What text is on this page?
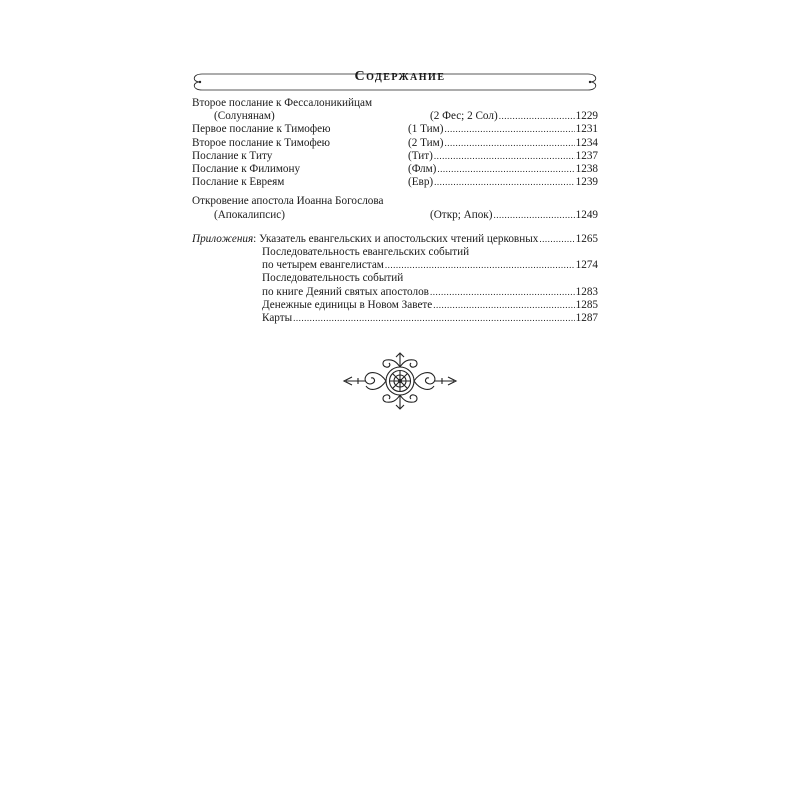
Содержание
Второе послание к Фессалоникийцам
(Солунянам)	(2 Фес; 2 Сол) .....	1229
Первое послание к Тимофею	(1 Тим) .....	1231
Второе послание к Тимофею	(2 Тим) .....	1234
Послание к Титу	(Тит) .....	1237
Послание к Филимону	(Флм) .....	1238
Послание к Евреям	(Евр) .....	1239
Откровение апостола Иоанна Богослова
(Апокалипсис)	(Откр; Апок) .....	1249
Приложения: Указатель евангельских и апостольских чтений церковных .....	1265
Последовательность евангельских событий
по четырем евангелистам .....	1274
Последовательность событий
по книге Деяний святых апостолов .....	1283
Денежные единицы в Новом Завете .....	1285
Карты .....	1287
